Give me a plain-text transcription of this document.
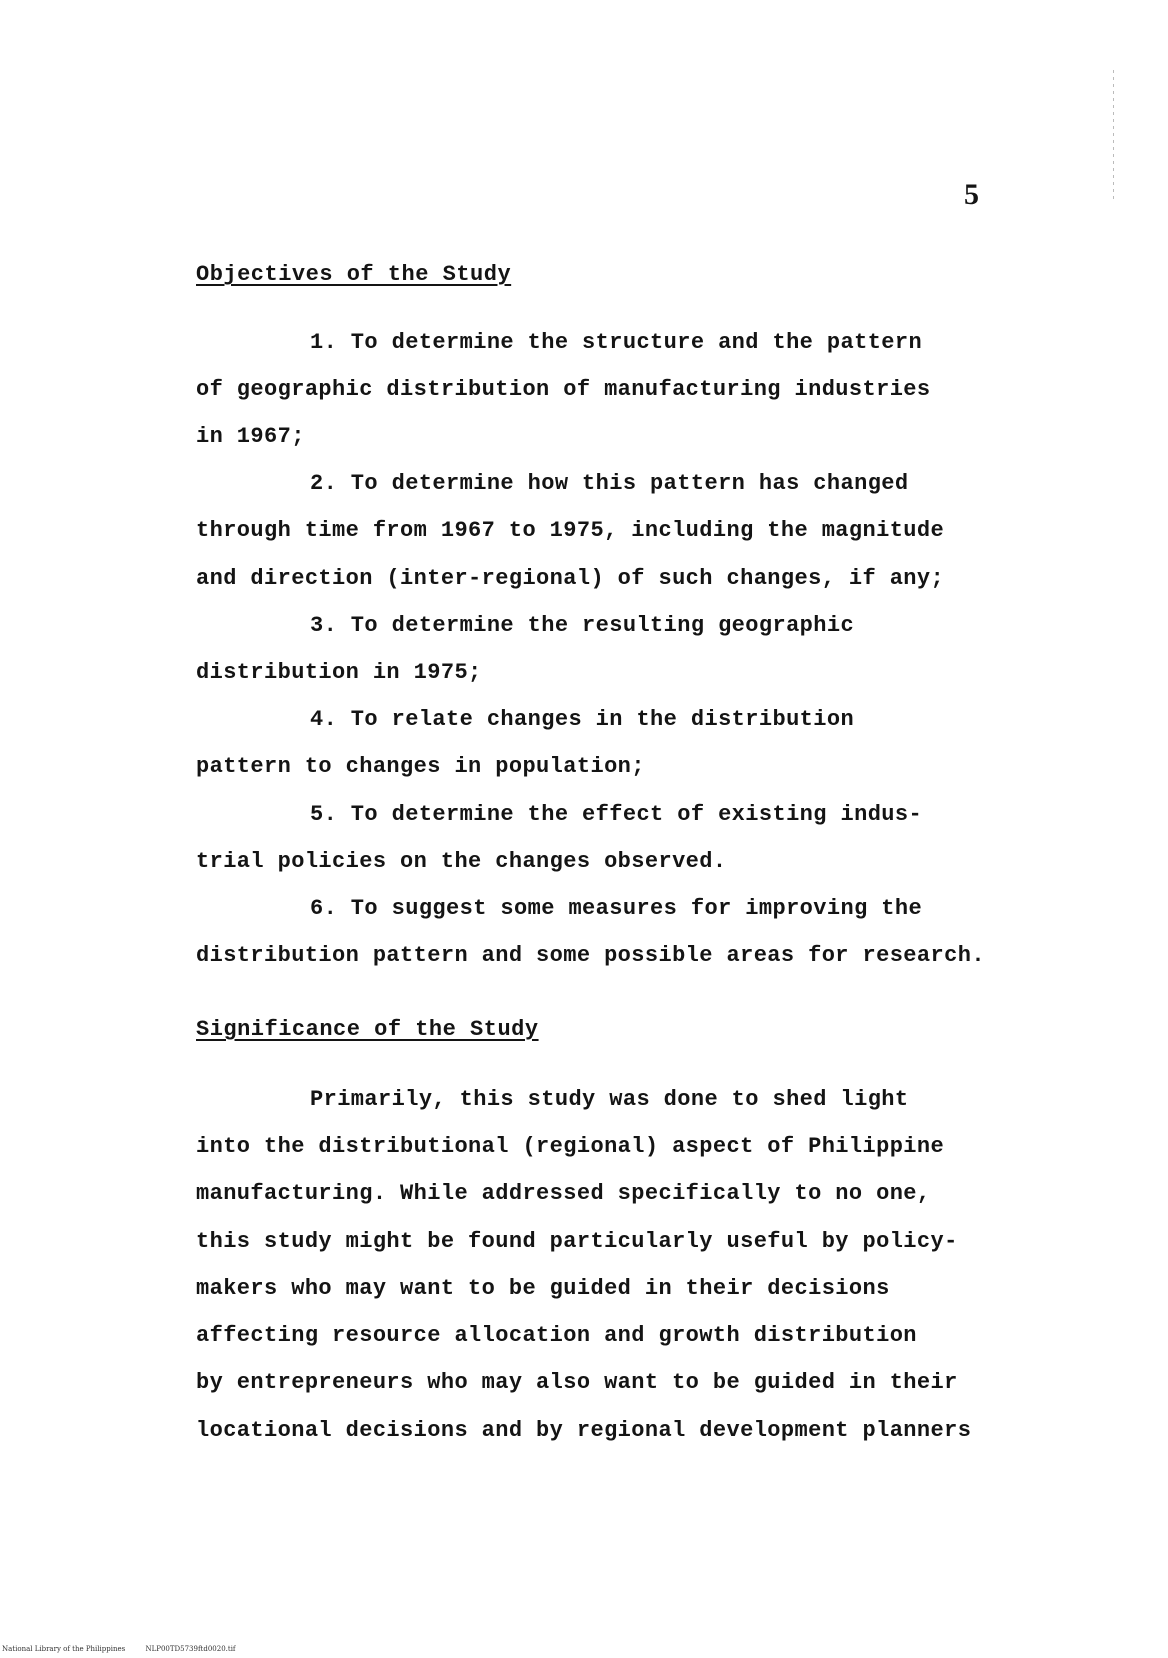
5
Objectives of the Study
1. To determine the structure and the pattern
of geographic distribution of manufacturing industries
in 1967;
2. To determine how this pattern has changed
through time from 1967 to 1975, including the magnitude
and direction (inter-regional) of such changes, if any;
3. To determine the resulting geographic
distribution in 1975;
4. To relate changes in the distribution
pattern to changes in population;
5. To determine the effect of existing indus-
trial policies on the changes observed.
6. To suggest some measures for improving the
distribution pattern and some possible areas for research.
Significance of the Study
Primarily, this study was done to shed light
into the distributional (regional) aspect of Philippine
manufacturing. While addressed specifically to no one,
this study might be found particularly useful by policy-
makers who may want to be guided in their decisions
affecting resource allocation and growth distribution
by entrepreneurs who may also want to be guided in their
locational decisions and by regional development planners
National Library of the Philippines	NLP00TD5739ftd0020.tif
